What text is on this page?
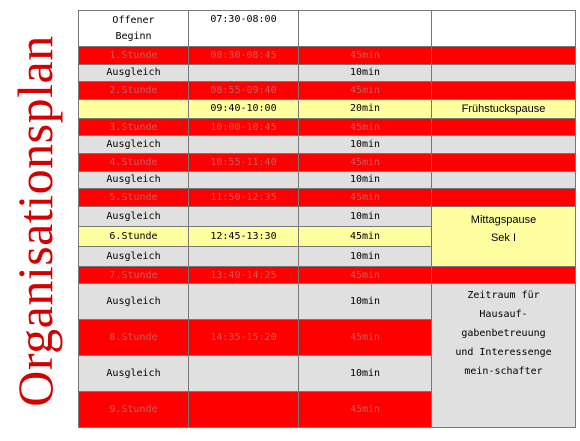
Organisationsplan
Offener
Beginn	07:30-08:00		
1.Stunde	08:30-08:45	45min	
Ausgleich		10min	
2.Stunde	08:55-09:40	45min	
	09:40-10:00	20min	Frühstuckspause
3.Stunde	10:00-10:45	45min	
Ausgleich		10min	
4.Stunde	10:55-11:40	45min	
Ausgleich		10min	
5.Stunde	11:50-12:35	45min	
Ausgleich		10min	Mittagspause
Sek I

6.Stunde	12:45-13:30	45min	
Ausgleich		10min	
7.Stunde	13:40-14:25	45min	
Ausgleich		10min	Zeitraum für
Hausauf-
gabenbetreuung
und Interessenge
mein-schafter

8.Stunde	14:35-15:20	45min	
Ausgleich		10min	
9.Stunde		45min	
